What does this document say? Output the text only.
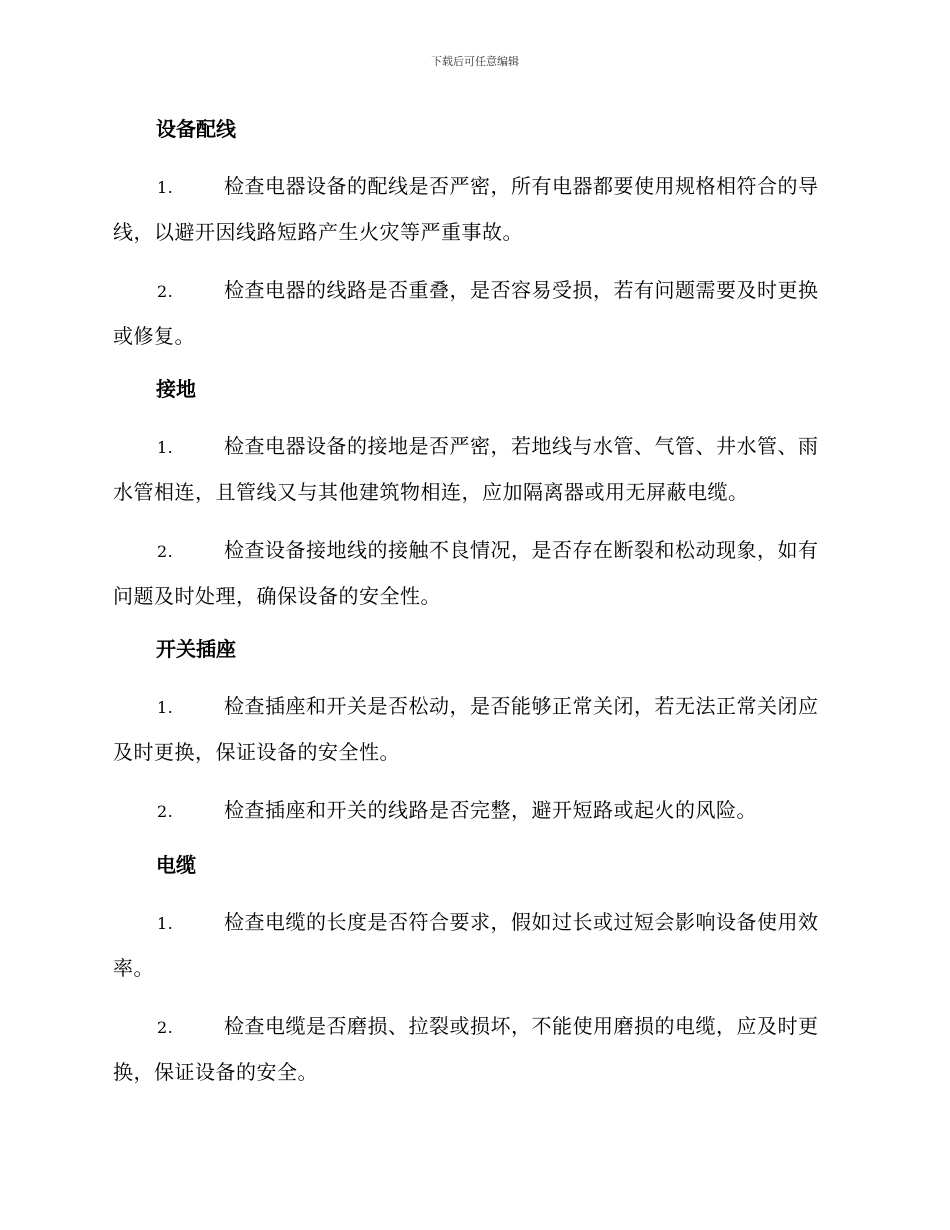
下载后可任意编辑
设备配线

1.	检查电器设备的配线是否严密，所有电器都要使用规格相符合的导线，以避开因线路短路产生火灾等严重事故。

2.	检查电器的线路是否重叠，是否容易受损，若有问题需要及时更换或修复。

接地

1.	检查电器设备的接地是否严密，若地线与水管、气管、井水管、雨水管相连，且管线又与其他建筑物相连，应加隔离器或用无屏蔽电缆。

2.	检查设备接地线的接触不良情况，是否存在断裂和松动现象，如有问题及时处理，确保设备的安全性。

开关插座

1.	检查插座和开关是否松动，是否能够正常关闭，若无法正常关闭应及时更换，保证设备的安全性。

2.	检查插座和开关的线路是否完整，避开短路或起火的风险。

电缆

1.	检查电缆的长度是否符合要求，假如过长或过短会影响设备使用效率。

2.	检查电缆是否磨损、拉裂或损坏，不能使用磨损的电缆，应及时更换，保证设备的安全。
